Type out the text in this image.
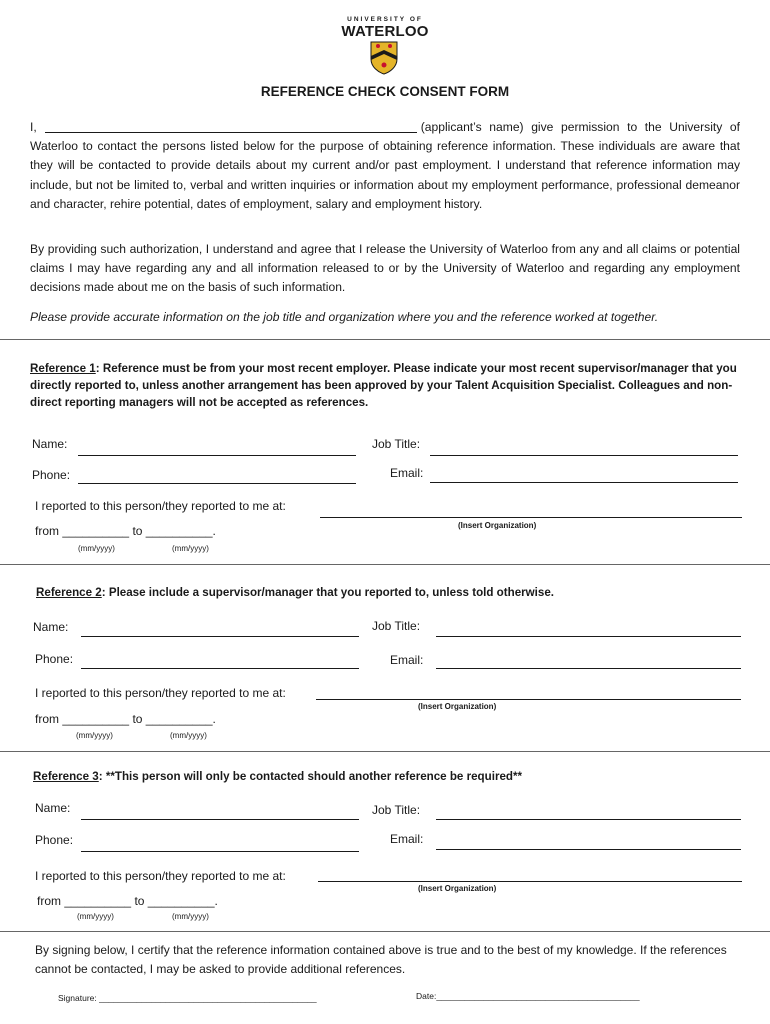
UNIVERSITY OF
WATERLOO
REFERENCE CHECK CONSENT FORM
I,	(applicant’s name) give permission to the University of Waterloo to contact the persons listed below for the purpose of obtaining reference information. These individuals are aware that they will be contacted to provide details about my current and/or past employment. I understand that reference information may include, but not be limited to, verbal and written inquiries or information about my employment performance, professional demeanor and character, rehire potential, dates of employment, salary and employment history.
By providing such authorization, I understand and agree that I release the University of Waterloo from any and all claims or potential claims I may have regarding any and all information released to or by the University of Waterloo and regarding any employment decisions made about me on the basis of such information.
Please provide accurate information on the job title and organization where you and the reference worked at together.
Reference 1: Reference must be from your most recent employer. Please indicate your most recent supervisor/manager that you directly reported to, unless another arrangement has been approved by your Talent Acquisition Specialist. Colleagues and non-direct reporting managers will not be accepted as references.
Name:	Job Title:
Phone:	Email:
I reported to this person/they reported to me at:
(Insert Organization)
from __________ to __________.
(mm/yyyy)	(mm/yyyy)
Reference 2: Please include a supervisor/manager that you reported to, unless told otherwise.
Name:	Job Title:
Phone:	Email:
I reported to this person/they reported to me at:
(Insert Organization)
from __________ to __________.
(mm/yyyy)	(mm/yyyy)
Reference 3: **This person will only be contacted should another reference be required**
Name:	Job Title:
Phone:	Email:
I reported to this person/they reported to me at:
(Insert Organization)
from __________ to __________.
(mm/yyyy)	(mm/yyyy)
By signing below, I certify that the reference information contained above is true and to the best of my knowledge. If the references cannot be contacted, I may be asked to provide additional references.
Signature: ______________________________________________	Date:___________________________________________
